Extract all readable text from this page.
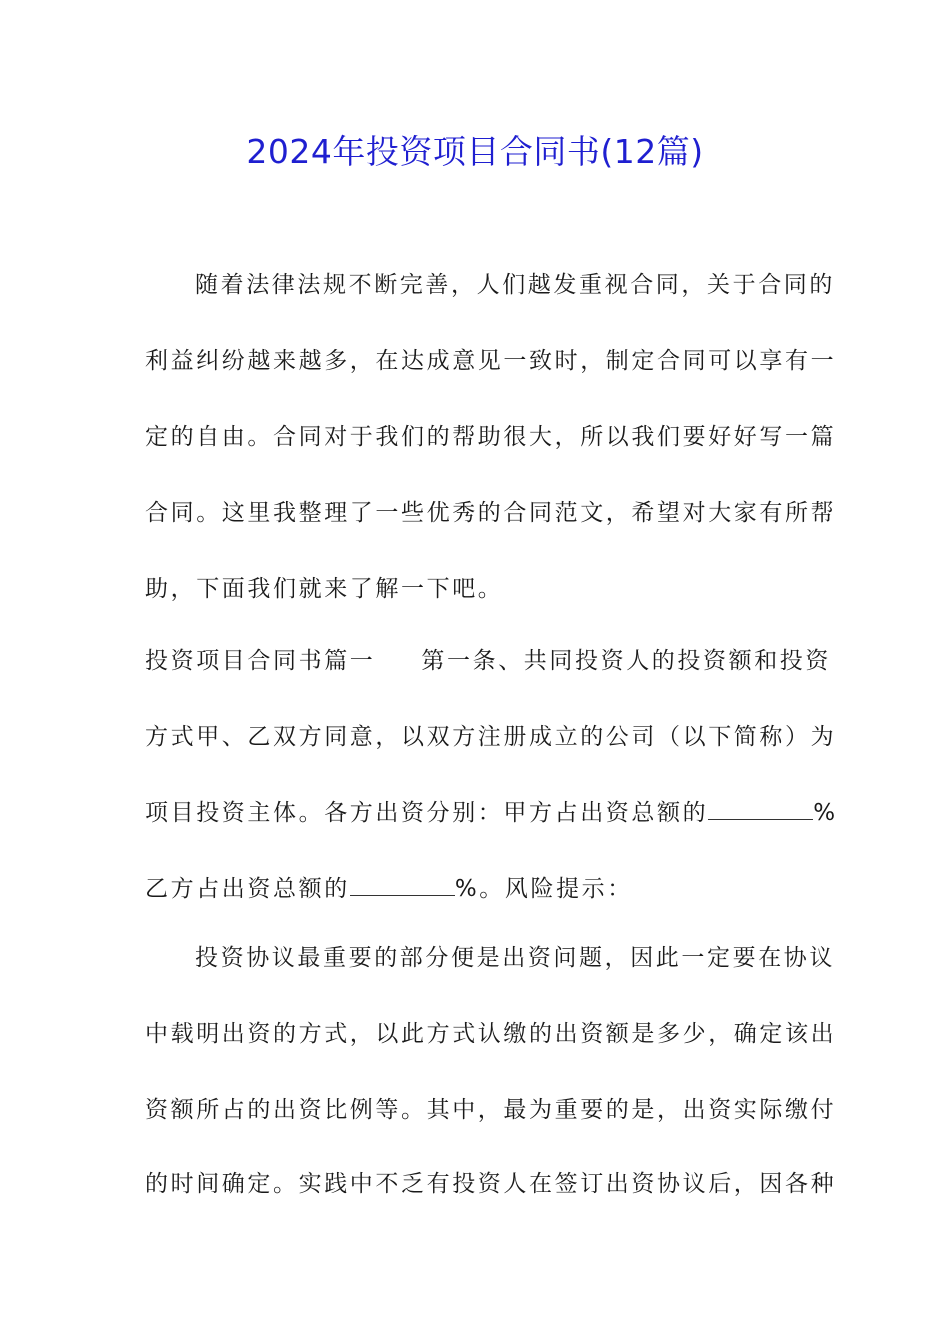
2024年投资项目合同书(12篇)
随着法律法规不断完善，人们越发重视合同，关于合同的
利益纠纷越来越多，在达成意见一致时，制定合同可以享有一
定的自由。合同对于我们的帮助很大，所以我们要好好写一篇
合同。这里我整理了一些优秀的合同范文，希望对大家有所帮
助，下面我们就来了解一下吧。
投资项目合同书篇一 第一条、共同投资人的投资额和投资
方式甲、乙双方同意，以双方注册成立的公司（以下简称）为
项目投资主体。各方出资分别：甲方占出资总额的	%
乙方占出资总额的	%。风险提示：
投资协议最重要的部分便是出资问题，因此一定要在协议
中载明出资的方式，以此方式认缴的出资额是多少，确定该出
资额所占的出资比例等。其中，最为重要的是，出资实际缴付
的时间确定。实践中不乏有投资人在签订出资协议后，因各种
